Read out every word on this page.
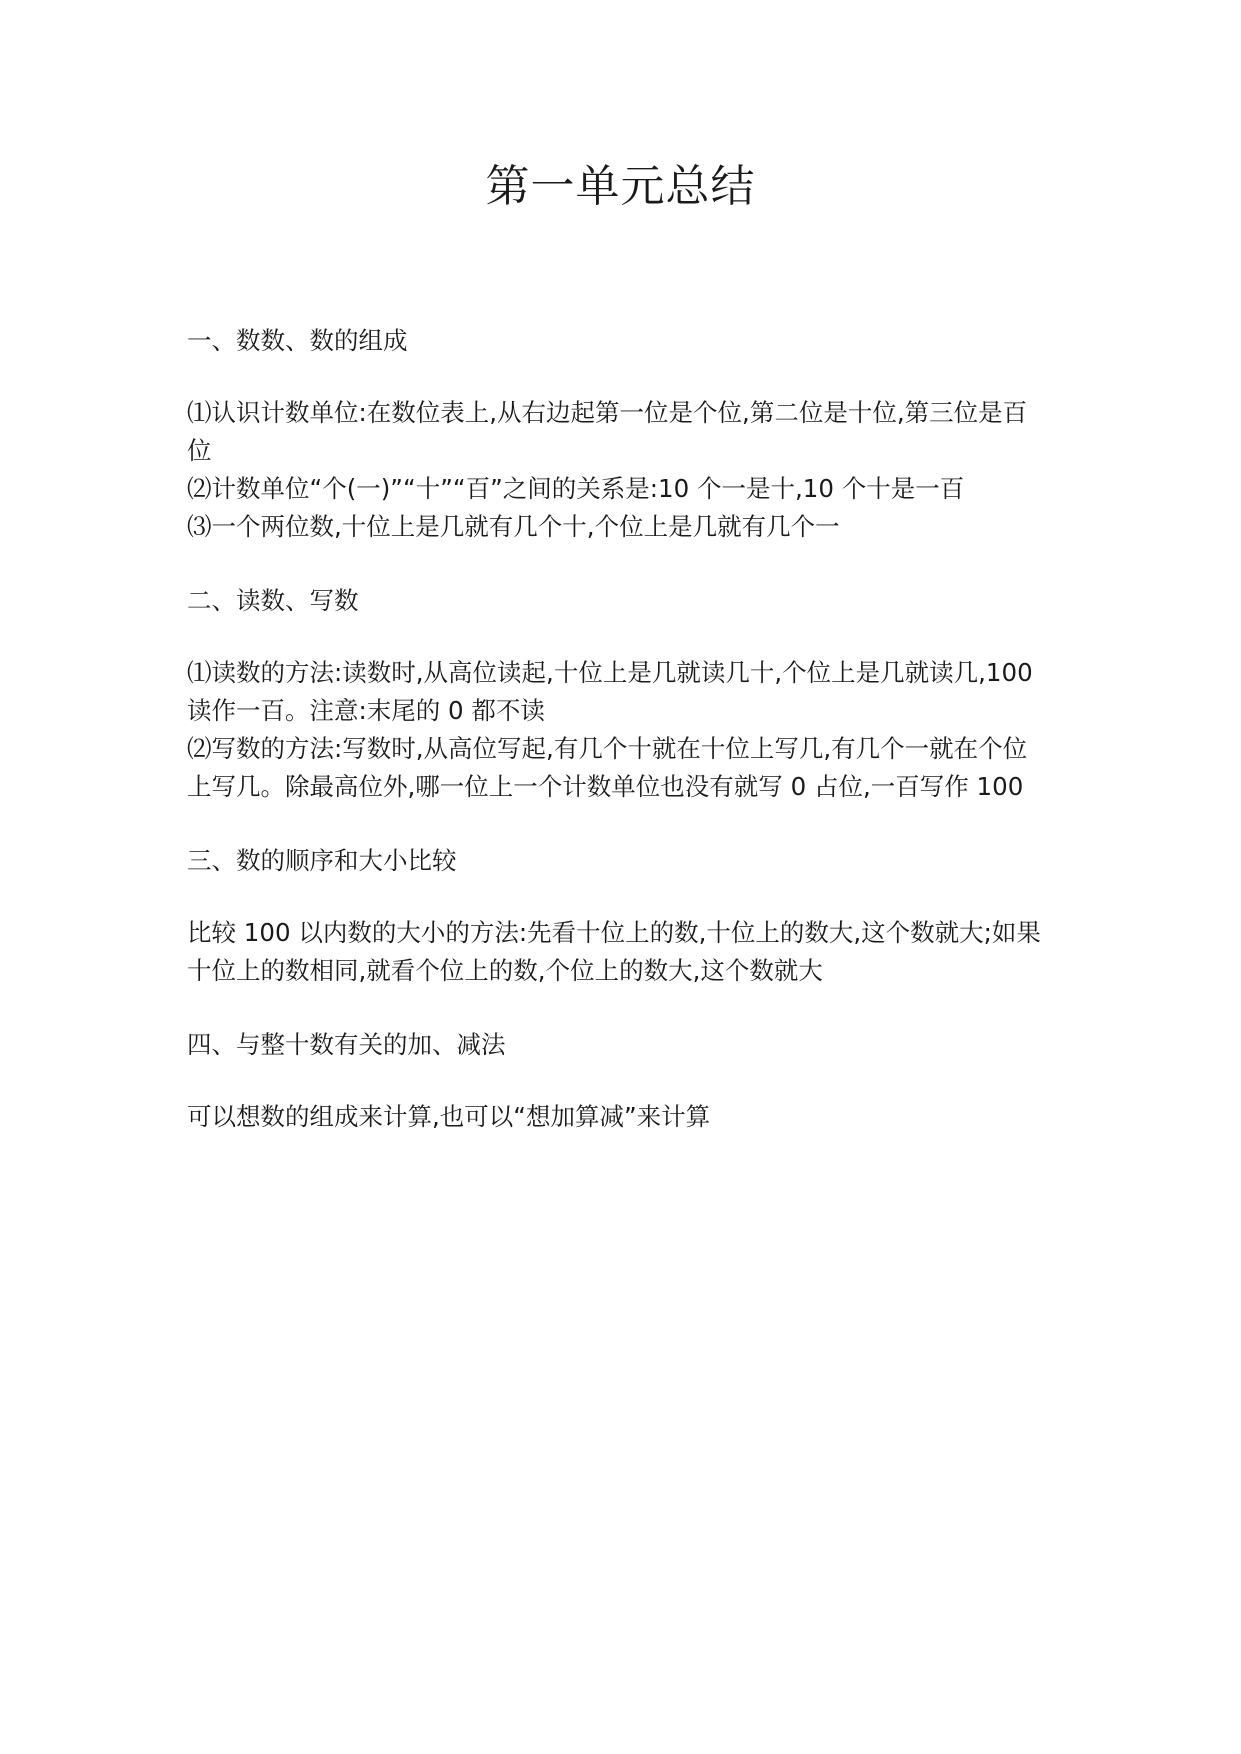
第一单元总结

一、数数、数的组成

⑴认识计数单位:在数位表上,从右边起第一位是个位,第二位是十位,第三位是百位

⑵计数单位“个(一)”“十”“百”之间的关系是:10 个一是十,10 个十是一百

⑶一个两位数,十位上是几就有几个十,个位上是几就有几个一

二、读数、写数

⑴读数的方法:读数时,从高位读起,十位上是几就读几十,个位上是几就读几,100 读作一百。注意:末尾的 0 都不读

⑵写数的方法:写数时,从高位写起,有几个十就在十位上写几,有几个一就在个位上写几。除最高位外,哪一位上一个计数单位也没有就写 0 占位,一百写作 100

三、数的顺序和大小比较

比较 100 以内数的大小的方法:先看十位上的数,十位上的数大,这个数就大;如果十位上的数相同,就看个位上的数,个位上的数大,这个数就大

四、与整十数有关的加、减法

可以想数的组成来计算,也可以“想加算减”来计算
